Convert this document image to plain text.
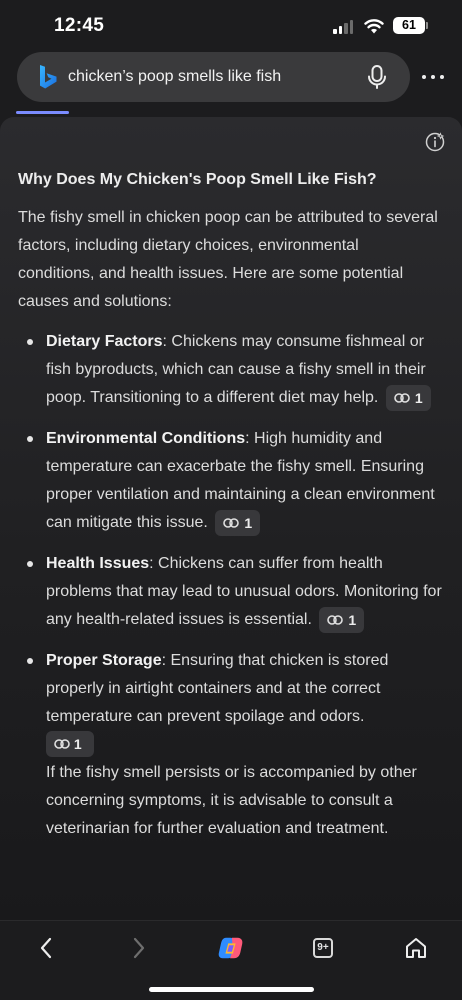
12:45	61
chicken’s poop smells like fish
Why Does My Chicken's Poop Smell Like Fish?
The fishy smell in chicken poop can be attributed to several factors, including dietary choices, environmental conditions, and health issues. Here are some potential causes and solutions:
Dietary Factors: Chickens may consume fishmeal or fish byproducts, which can cause a fishy smell in their poop. Transitioning to a different diet may help.	1
Environmental Conditions: High humidity and temperature can exacerbate the fishy smell. Ensuring proper ventilation and maintaining a clean environment can mitigate this issue.	1
Health Issues: Chickens can suffer from health problems that may lead to unusual odors. Monitoring for any health-related issues is essential.	1
Proper Storage: Ensuring that chicken is stored properly in airtight containers and at the correct temperature can prevent spoilage and odors.
1
If the fishy smell persists or is accompanied by other concerning symptoms, it is advisable to consult a veterinarian for further evaluation and treatment.
9+
